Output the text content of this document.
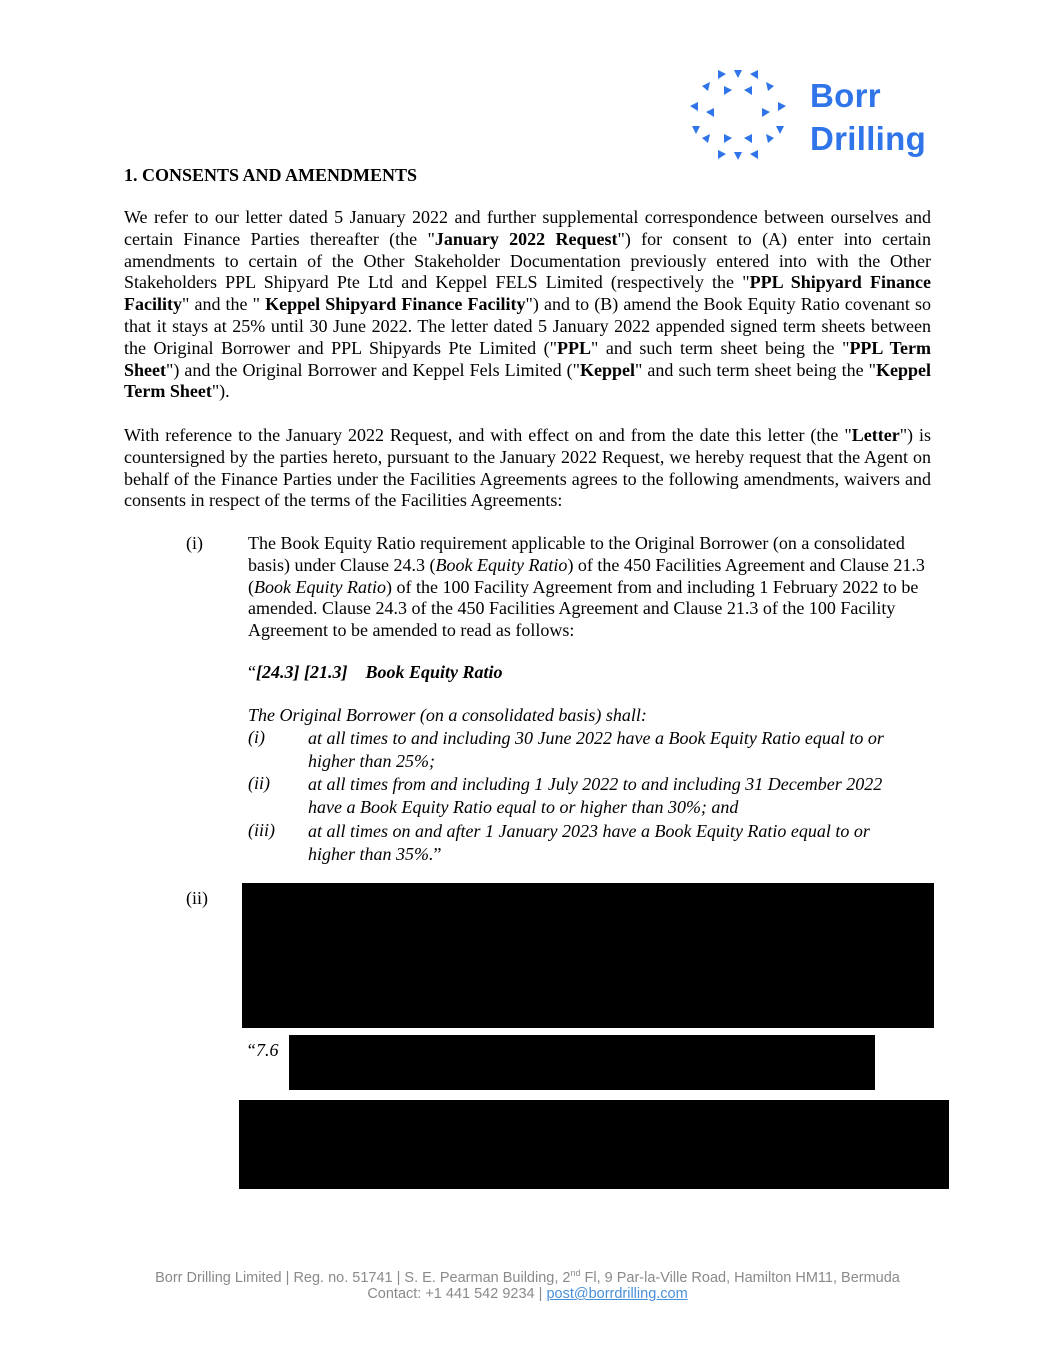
Borr
Drilling
1. CONSENTS AND AMENDMENTS
We refer to our letter dated 5 January 2022 and further supplemental correspondence between ourselves and certain Finance Parties thereafter (the "January 2022 Request") for consent to (A) enter into certain amendments to certain of the Other Stakeholder Documentation previously entered into with the Other Stakeholders PPL Shipyard Pte Ltd and Keppel FELS Limited (respectively the "PPL Shipyard Finance Facility" and the " Keppel Shipyard Finance Facility") and to (B) amend the Book Equity Ratio covenant so that it stays at 25% until 30 June 2022. The letter dated 5 January 2022 appended signed term sheets between the Original Borrower and PPL Shipyards Pte Limited ("PPL" and such term sheet being the "PPL Term Sheet") and the Original Borrower and Keppel Fels Limited ("Keppel" and such term sheet being the "Keppel Term Sheet").
With reference to the January 2022 Request, and with effect on and from the date this letter (the "Letter") is countersigned by the parties hereto, pursuant to the January 2022 Request, we hereby request that the Agent on behalf of the Finance Parties under the Facilities Agreements agrees to the following amendments, waivers and consents in respect of the terms of the Facilities Agreements:
(i)	The Book Equity Ratio requirement applicable to the Original Borrower (on a consolidated basis) under Clause 24.3 (Book Equity Ratio) of the 450 Facilities Agreement and Clause 21.3 (Book Equity Ratio) of the 100 Facility Agreement from and including 1 February 2022 to be amended. Clause 24.3 of the 450 Facilities Agreement and Clause 21.3 of the 100 Facility Agreement to be amended to read as follows:
“[24.3] [21.3] Book Equity Ratio
The Original Borrower (on a consolidated basis) shall:
(i) at all times to and including 30 June 2022 have a Book Equity Ratio equal to or higher than 25%;
(ii) at all times from and including 1 July 2022 to and including 31 December 2022 have a Book Equity Ratio equal to or higher than 30%; and
(iii) at all times on and after 1 January 2023 have a Book Equity Ratio equal to or higher than 35%.”
(ii)
“7.6
Borr Drilling Limited | Reg. no. 51741 | S. E. Pearman Building, 2nd Fl, 9 Par-la-Ville Road, Hamilton HM11, Bermuda
Contact: +1 441 542 9234 | post@borrdrilling.com
